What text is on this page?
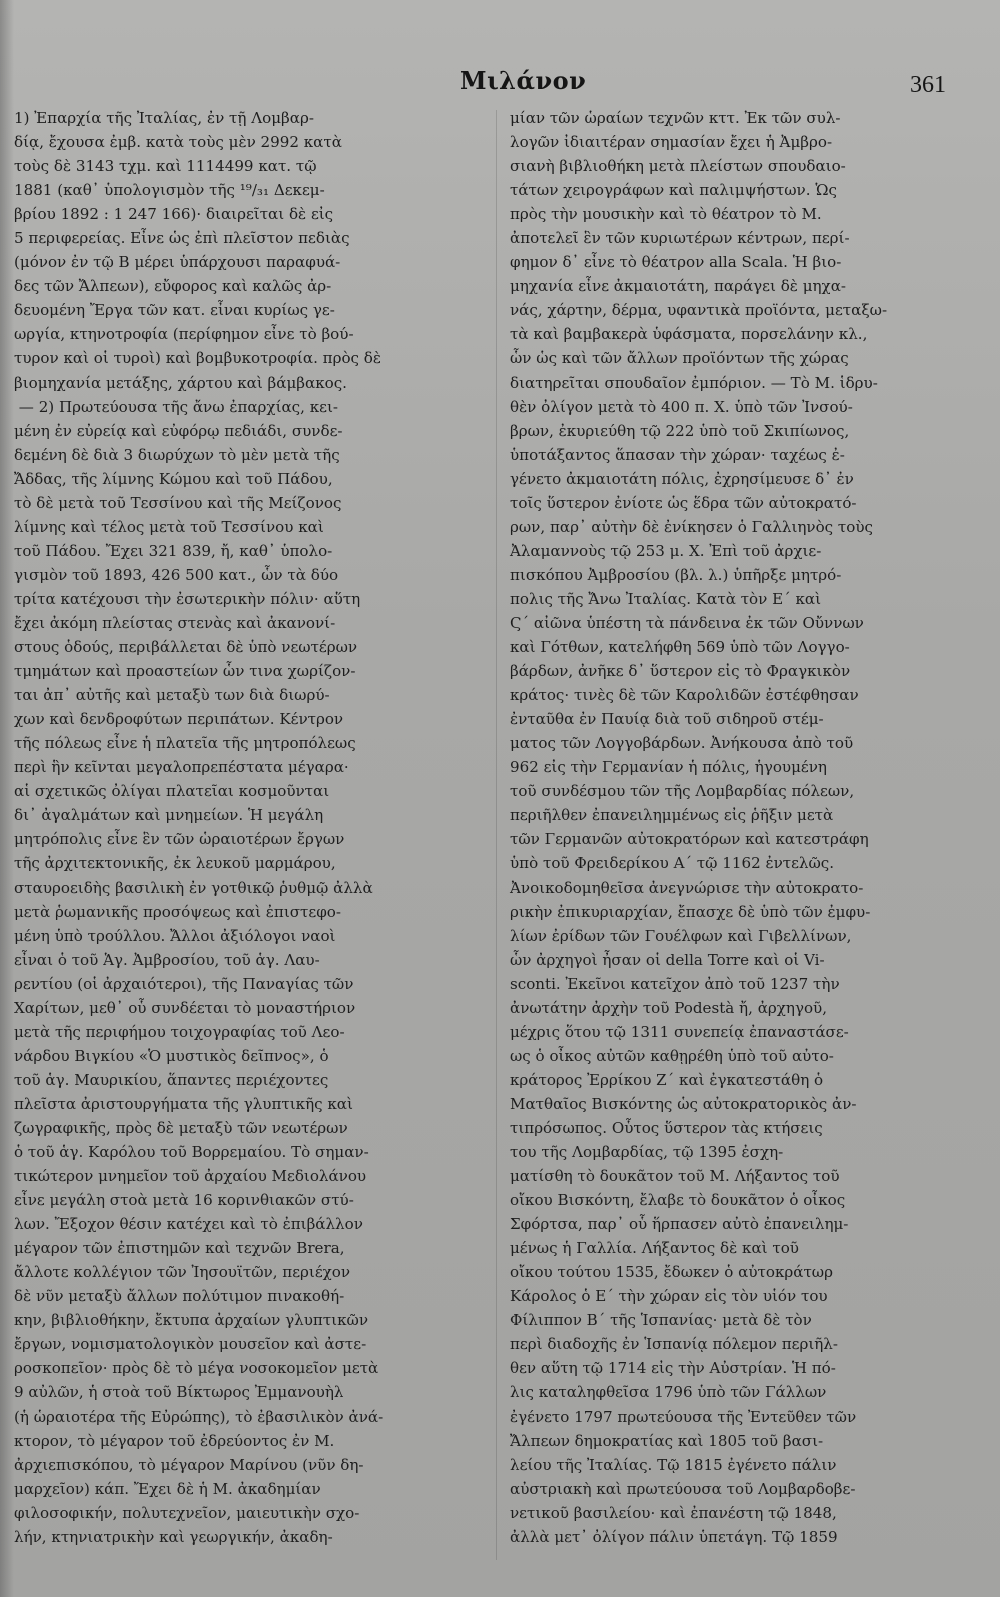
Μιλάνον	361
1) Ἐπαρχία τῆς Ἰταλίας, ἐν τῇ Λομβαρ-
δίᾳ, ἔχουσα ἐμβ. κατὰ τοὺς μὲν 2992 κατὰ
τοὺς δὲ 3143 τχμ. καὶ 1114499 κατ. τῷ
1881 (καθ᾽ ὑπολογισμὸν τῆς ¹⁹/₃₁ Δεκεμ-
βρίου 1892 : 1 247 166)· διαιρεῖται δὲ εἰς
5 περιφερείας. Εἶνε ὡς ἐπὶ πλεῖστον πεδιὰς
(μόνον ἐν τῷ Β μέρει ὑπάρχουσι παραφυά-
δες τῶν Ἄλπεων), εὔφορος καὶ καλῶς ἀρ-
δευομένη Ἔργα τῶν κατ. εἶναι κυρίως γε-
ωργία, κτηνοτροφία (περίφημον εἶνε τὸ βού-
τυρον καὶ οἱ τυροὶ) καὶ βομβυκοτροφία. πρὸς δὲ
βιομηχανία μετάξης, χάρτου καὶ βάμβακος.
— 2) Πρωτεύουσα τῆς ἄνω ἐπαρχίας, κει-
μένη ἐν εὐρείᾳ καὶ εὐφόρῳ πεδιάδι, συνδε-
δεμένη δὲ διὰ 3 διωρύχων τὸ μὲν μετὰ τῆς
Ἄδδας, τῆς λίμνης Κώμου καὶ τοῦ Πάδου,
τὸ δὲ μετὰ τοῦ Τεσσίνου καὶ τῆς Μείζονος
λίμνης καὶ τέλος μετὰ τοῦ Τεσσίνου καὶ
τοῦ Πάδου. Ἔχει 321 839, ἤ, καθ᾽ ὑπολο-
γισμὸν τοῦ 1893, 426 500 κατ., ὧν τὰ δύο
τρίτα κατέχουσι τὴν ἐσωτερικὴν πόλιν· αὕτη
ἔχει ἀκόμη πλείστας στενὰς καὶ ἀκανονί-
στους ὁδούς, περιβάλλεται δὲ ὑπὸ νεωτέρων
τμημάτων καὶ προαστείων ὧν τινα χωρίζον-
ται ἀπ᾽ αὐτῆς καὶ μεταξὺ των διὰ διωρύ-
χων καὶ δενδροφύτων περιπάτων. Κέντρον
τῆς πόλεως εἶνε ἡ πλατεῖα τῆς μητροπόλεως
περὶ ἣν κεῖνται μεγαλοπρεπέστατα μέγαρα·
αἱ σχετικῶς ὀλίγαι πλατεῖαι κοσμοῦνται
δι᾽ ἀγαλμάτων καὶ μνημείων. Ἡ μεγάλη
μητρόπολις εἶνε ἓν τῶν ὡραιοτέρων ἔργων
τῆς ἀρχιτεκτονικῆς, ἐκ λευκοῦ μαρμάρου,
σταυροειδὴς βασιλικὴ ἐν γοτθικῷ ῥυθμῷ ἀλλὰ
μετὰ ῥωμανικῆς προσόψεως καὶ ἐπιστεφο-
μένη ὑπὸ τρούλλου. Ἄλλοι ἀξιόλογοι ναοὶ
εἶναι ὁ τοῦ Ἁγ. Ἀμβροσίου, τοῦ ἁγ. Λαυ-
ρεντίου (οἱ ἀρχαιότεροι), τῆς Παναγίας τῶν
Χαρίτων, μεθ᾽ οὗ συνδέεται τὸ μοναστήριον
μετὰ τῆς περιφήμου τοιχογραφίας τοῦ Λεο-
νάρδου Βιγκίου «Ὁ μυστικὸς δεῖπνος», ὁ
τοῦ ἁγ. Μαυρικίου, ἅπαντες περιέχοντες
πλεῖστα ἀριστουργήματα τῆς γλυπτικῆς καὶ
ζωγραφικῆς, πρὸς δὲ μεταξὺ τῶν νεωτέρων
ὁ τοῦ ἁγ. Καρόλου τοῦ Βορρεμαίου. Τὸ σημαν-
τικώτερον μνημεῖον τοῦ ἀρχαίου Μεδιολάνου
εἶνε μεγάλη στοὰ μετὰ 16 κορινθιακῶν στύ-
λων. Ἔξοχον θέσιν κατέχει καὶ τὸ ἐπιβάλλον
μέγαρον τῶν ἐπιστημῶν καὶ τεχνῶν Brera,
ἄλλοτε κολλέγιον τῶν Ἰησουϊτῶν, περιέχον
δὲ νῦν μεταξὺ ἄλλων πολύτιμον πινακοθή-
κην, βιβλιοθήκην, ἔκτυπα ἀρχαίων γλυπτικῶν
ἔργων, νομισματολογικὸν μουσεῖον καὶ ἀστε-
ροσκοπεῖον· πρὸς δὲ τὸ μέγα νοσοκομεῖον μετὰ
9 αὐλῶν, ἡ στοὰ τοῦ Βίκτωρος Ἐμμανουὴλ
(ἡ ὡραιοτέρα τῆς Εὐρώπης), τὸ ἐβασιλικὸν ἀνά-
κτορον, τὸ μέγαρον τοῦ ἐδρεύοντος ἐν Μ.
ἀρχιεπισκόπου, τὸ μέγαρον Μαρίνου (νῦν δη-
μαρχεῖον) κάπ. Ἔχει δὲ ἡ Μ. ἀκαδημίαν
φιλοσοφικήν, πολυτεχνεῖον, μαιευτικὴν σχο-
λήν, κτηνιατρικὴν καὶ γεωργικήν, ἀκαδη-
μίαν τῶν ὡραίων τεχνῶν κττ. Ἐκ τῶν συλ-
λογῶν ἰδιαιτέραν σημασίαν ἔχει ἡ Ἀμβρο-
σιανὴ βιβλιοθήκη μετὰ πλείστων σπουδαιο-
τάτων χειρογράφων καὶ παλιμψήστων. Ὡς
πρὸς τὴν μουσικὴν καὶ τὸ θέατρον τὸ Μ.
ἀποτελεῖ ἓν τῶν κυριωτέρων κέντρων, περί-
φημον δ᾽ εἶνε τὸ θέατρον alla Scala. Ἡ βιο-
μηχανία εἶνε ἀκμαιοτάτη, παράγει δὲ μηχα-
νάς, χάρτην, δέρμα, υφαντικὰ προϊόντα, μεταξω-
τὰ καὶ βαμβακερὰ ὑφάσματα, πορσελάνην κλ.,
ὧν ὡς καὶ τῶν ἄλλων προϊόντων τῆς χώρας
διατηρεῖται σπουδαῖον ἐμπόριον. — Τὸ Μ. ἱδρυ-
θὲν ὀλίγον μετὰ τὸ 400 π. Χ. ὑπὸ τῶν Ἰνσού-
βρων, ἐκυριεύθη τῷ 222 ὑπὸ τοῦ Σκιπίωνος,
ὑποτάξαντος ἅπασαν τὴν χώραν· ταχέως ἐ-
γένετο ἀκμαιοτάτη πόλις, ἐχρησίμευσε δ᾽ ἐν
τοῖς ὕστερον ἐνίοτε ὡς ἕδρα τῶν αὐτοκρατό-
ρων, παρ᾽ αὐτὴν δὲ ἐνίκησεν ὁ Γαλλιηνὸς τοὺς
Ἀλαμαννοὺς τῷ 253 μ. Χ. Ἐπὶ τοῦ ἀρχιε-
πισκόπου Ἀμβροσίου (βλ. λ.) ὑπῆρξε μητρό-
πολις τῆς Ἄνω Ἰταλίας. Κατὰ τὸν Ε´ καὶ
Ϛ´ αἰῶνα ὑπέστη τὰ πάνδεινα ἐκ τῶν Οὔννων
καὶ Γότθων, κατελήφθη 569 ὑπὸ τῶν Λογγο-
βάρδων, ἀνῆκε δ᾽ ὕστερον εἰς τὸ Φραγκικὸν
κράτος· τινὲς δὲ τῶν Καρολιδῶν ἐστέφθησαν
ἐνταῦθα ἐν Παυίᾳ διὰ τοῦ σιδηροῦ στέμ-
ματος τῶν Λογγοβάρδων. Ἀνήκουσα ἀπὸ τοῦ
962 εἰς τὴν Γερμανίαν ἡ πόλις, ἡγουμένη
τοῦ συνδέσμου τῶν τῆς Λομβαρδίας πόλεων,
περιῆλθεν ἐπανειλημμένως εἰς ῥῆξιν μετὰ
τῶν Γερμανῶν αὐτοκρατόρων καὶ κατεστράφη
ὑπὸ τοῦ Φρειδερίκου Α´ τῷ 1162 ἐντελῶς.
Ἀνοικοδομηθεῖσα ἀνεγνώρισε τὴν αὐτοκρατο-
ρικὴν ἐπικυριαρχίαν, ἔπασχε δὲ ὑπὸ τῶν ἐμφυ-
λίων ἐρίδων τῶν Γουέλφων καὶ Γιβελλίνων,
ὧν ἀρχηγοὶ ἦσαν οἱ della Torre καὶ οἱ Vi-
sconti. Ἐκεῖνοι κατεῖχον ἀπὸ τοῦ 1237 τὴν
ἀνωτάτην ἀρχὴν τοῦ Podestà ἤ, ἀρχηγοῦ,
μέχρις ὅτου τῷ 1311 συνεπείᾳ ἐπαναστάσε-
ως ὁ οἶκος αὐτῶν καθῃρέθη ὑπὸ τοῦ αὐτο-
κράτορος Ἐρρίκου Ζ´ καὶ ἐγκατεστάθη ὁ
Ματθαῖος Βισκόντης ὡς αὐτοκρατορικὸς ἀν-
τιπρόσωπος. Οὗτος ὕστερον τὰς κτήσεις
του τῆς Λομβαρδίας, τῷ 1395 ἐσχη-
ματίσθη τὸ δουκᾶτον τοῦ Μ. Λήξαντος τοῦ
οἴκου Βισκόντη, ἔλαβε τὸ δουκᾶτον ὁ οἶκος
Σφόρτσα, παρ᾽ οὗ ἥρπασεν αὐτὸ ἐπανειλημ-
μένως ἡ Γαλλία. Λήξαντος δὲ καὶ τοῦ
οἴκου τούτου 1535, ἔδωκεν ὁ αὐτοκράτωρ
Κάρολος ὁ Ε´ τὴν χώραν εἰς τὸν υἱόν του
Φίλιππον Β´ τῆς Ἱσπανίας· μετὰ δὲ τὸν
περὶ διαδοχῆς ἐν Ἱσπανίᾳ πόλεμον περιῆλ-
θεν αὕτη τῷ 1714 εἰς τὴν Αὐστρίαν. Ἡ πό-
λις καταληφθεῖσα 1796 ὑπὸ τῶν Γάλλων
ἐγένετο 1797 πρωτεύουσα τῆς Ἐντεῦθεν τῶν
Ἄλπεων δημοκρατίας καὶ 1805 τοῦ βασι-
λείου τῆς Ἰταλίας. Τῷ 1815 ἐγένετο πάλιν
αὐστριακὴ καὶ πρωτεύουσα τοῦ Λομβαρδοβε-
νετικοῦ βασιλείου· καὶ ἐπανέστη τῷ 1848,
ἀλλὰ μετ᾽ ὀλίγον πάλιν ὑπετάγη. Τῷ 1859
